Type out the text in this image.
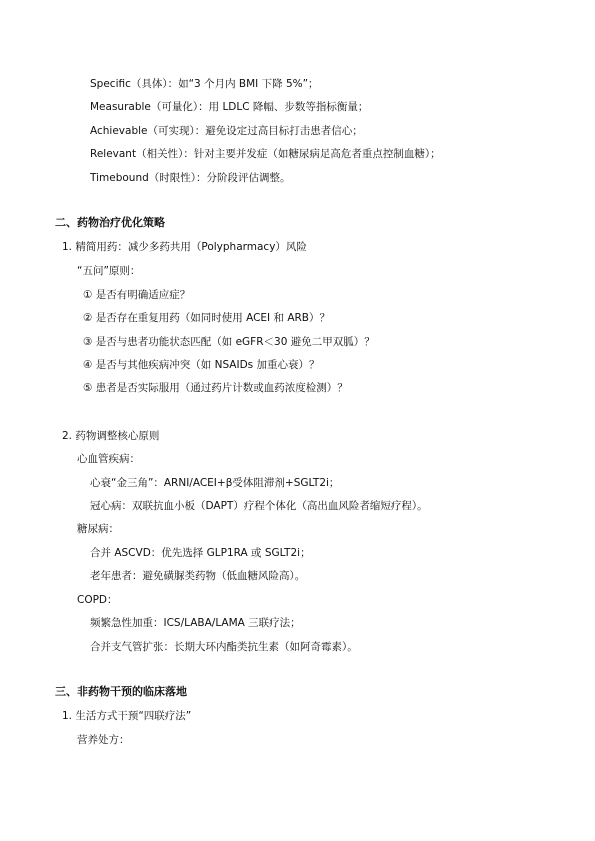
Specific（具体）：如“3 个月内 BMI 下降 5%”；
Measurable（可量化）：用 LDLC 降幅、步数等指标衡量；
Achievable（可实现）：避免设定过高目标打击患者信心；
Relevant（相关性）：针对主要并发症（如糖尿病足高危者重点控制血糖）；
Timebound（时限性）：分阶段评估调整。
二、药物治疗优化策略
1. 精简用药：减少多药共用（Polypharmacy）风险
“五问”原则：
① 是否有明确适应症？
② 是否存在重复用药（如同时使用 ACEI 和 ARB）？
③ 是否与患者功能状态匹配（如 eGFR＜30 避免二甲双胍）？
④ 是否与其他疾病冲突（如 NSAIDs 加重心衰）？
⑤ 患者是否实际服用（通过药片计数或血药浓度检测）？
2. 药物调整核心原则
心血管疾病：
心衰“金三角”：ARNI/ACEI+β受体阻滞剂+SGLT2i；
冠心病：双联抗血小板（DAPT）疗程个体化（高出血风险者缩短疗程）。
糖尿病：
合并 ASCVD：优先选择 GLP1RA 或 SGLT2i；
老年患者：避免磺脲类药物（低血糖风险高）。
COPD：
频繁急性加重：ICS/LABA/LAMA 三联疗法；
合并支气管扩张：长期大环内酯类抗生素（如阿奇霉素）。
三、非药物干预的临床落地
1. 生活方式干预“四联疗法”
营养处方：
